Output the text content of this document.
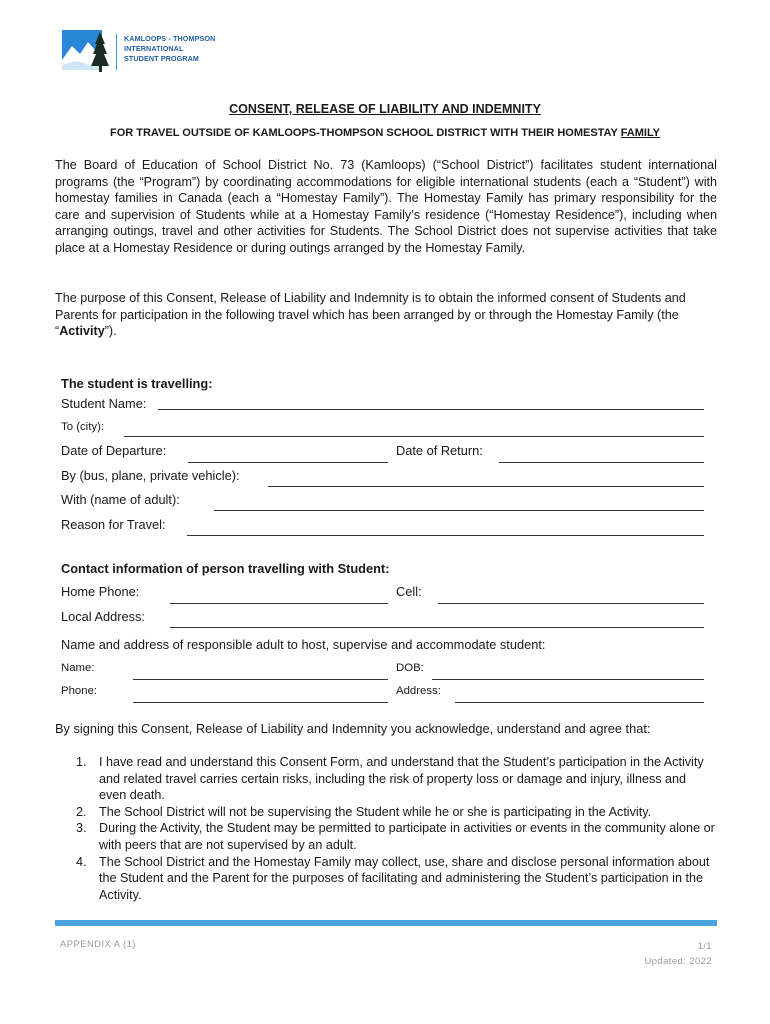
KAMLOOPS - THOMPSON
INTERNATIONAL
STUDENT PROGRAM
CONSENT, RELEASE OF LIABILITY AND INDEMNITY
FOR TRAVEL OUTSIDE OF KAMLOOPS-THOMPSON SCHOOL DISTRICT WITH THEIR HOMESTAY FAMILY
The Board of Education of School District No. 73 (Kamloops) (“School District”) facilitates student international programs (the “Program”) by coordinating accommodations for eligible international students (each a “Student”) with homestay families in Canada (each a “Homestay Family”). The Homestay Family has primary responsibility for the care and supervision of Students while at a Homestay Family’s residence (“Homestay Residence”), including when arranging outings, travel and other activities for Students. The School District does not supervise activities that take place at a Homestay Residence or during outings arranged by the Homestay Family.
The purpose of this Consent, Release of Liability and Indemnity is to obtain the informed consent of Students and Parents for participation in the following travel which has been arranged by or through the Homestay Family (the “Activity”).
The student is travelling:
Student Name:
To (city):
Date of Departure:	Date of Return:
By (bus, plane, private vehicle):
With (name of adult):
Reason for Travel:
Contact information of person travelling with Student:
Home Phone:	Cell:
Local Address:
Name and address of responsible adult to host, supervise and accommodate student:
Name:	DOB:
Phone:	Address:
By signing this Consent, Release of Liability and Indemnity you acknowledge, understand and agree that:
1. I have read and understand this Consent Form, and understand that the Student’s participation in the Activity and related travel carries certain risks, including the risk of property loss or damage and injury, illness and even death.
2. The School District will not be supervising the Student while he or she is participating in the Activity.
3. During the Activity, the Student may be permitted to participate in activities or events in the community alone or with peers that are not supervised by an adult.
4. The School District and the Homestay Family may collect, use, share and disclose personal information about the Student and the Parent for the purposes of facilitating and administering the Student’s participation in the Activity.
APPENDIX A (1)	1/1
Updated: 2022
